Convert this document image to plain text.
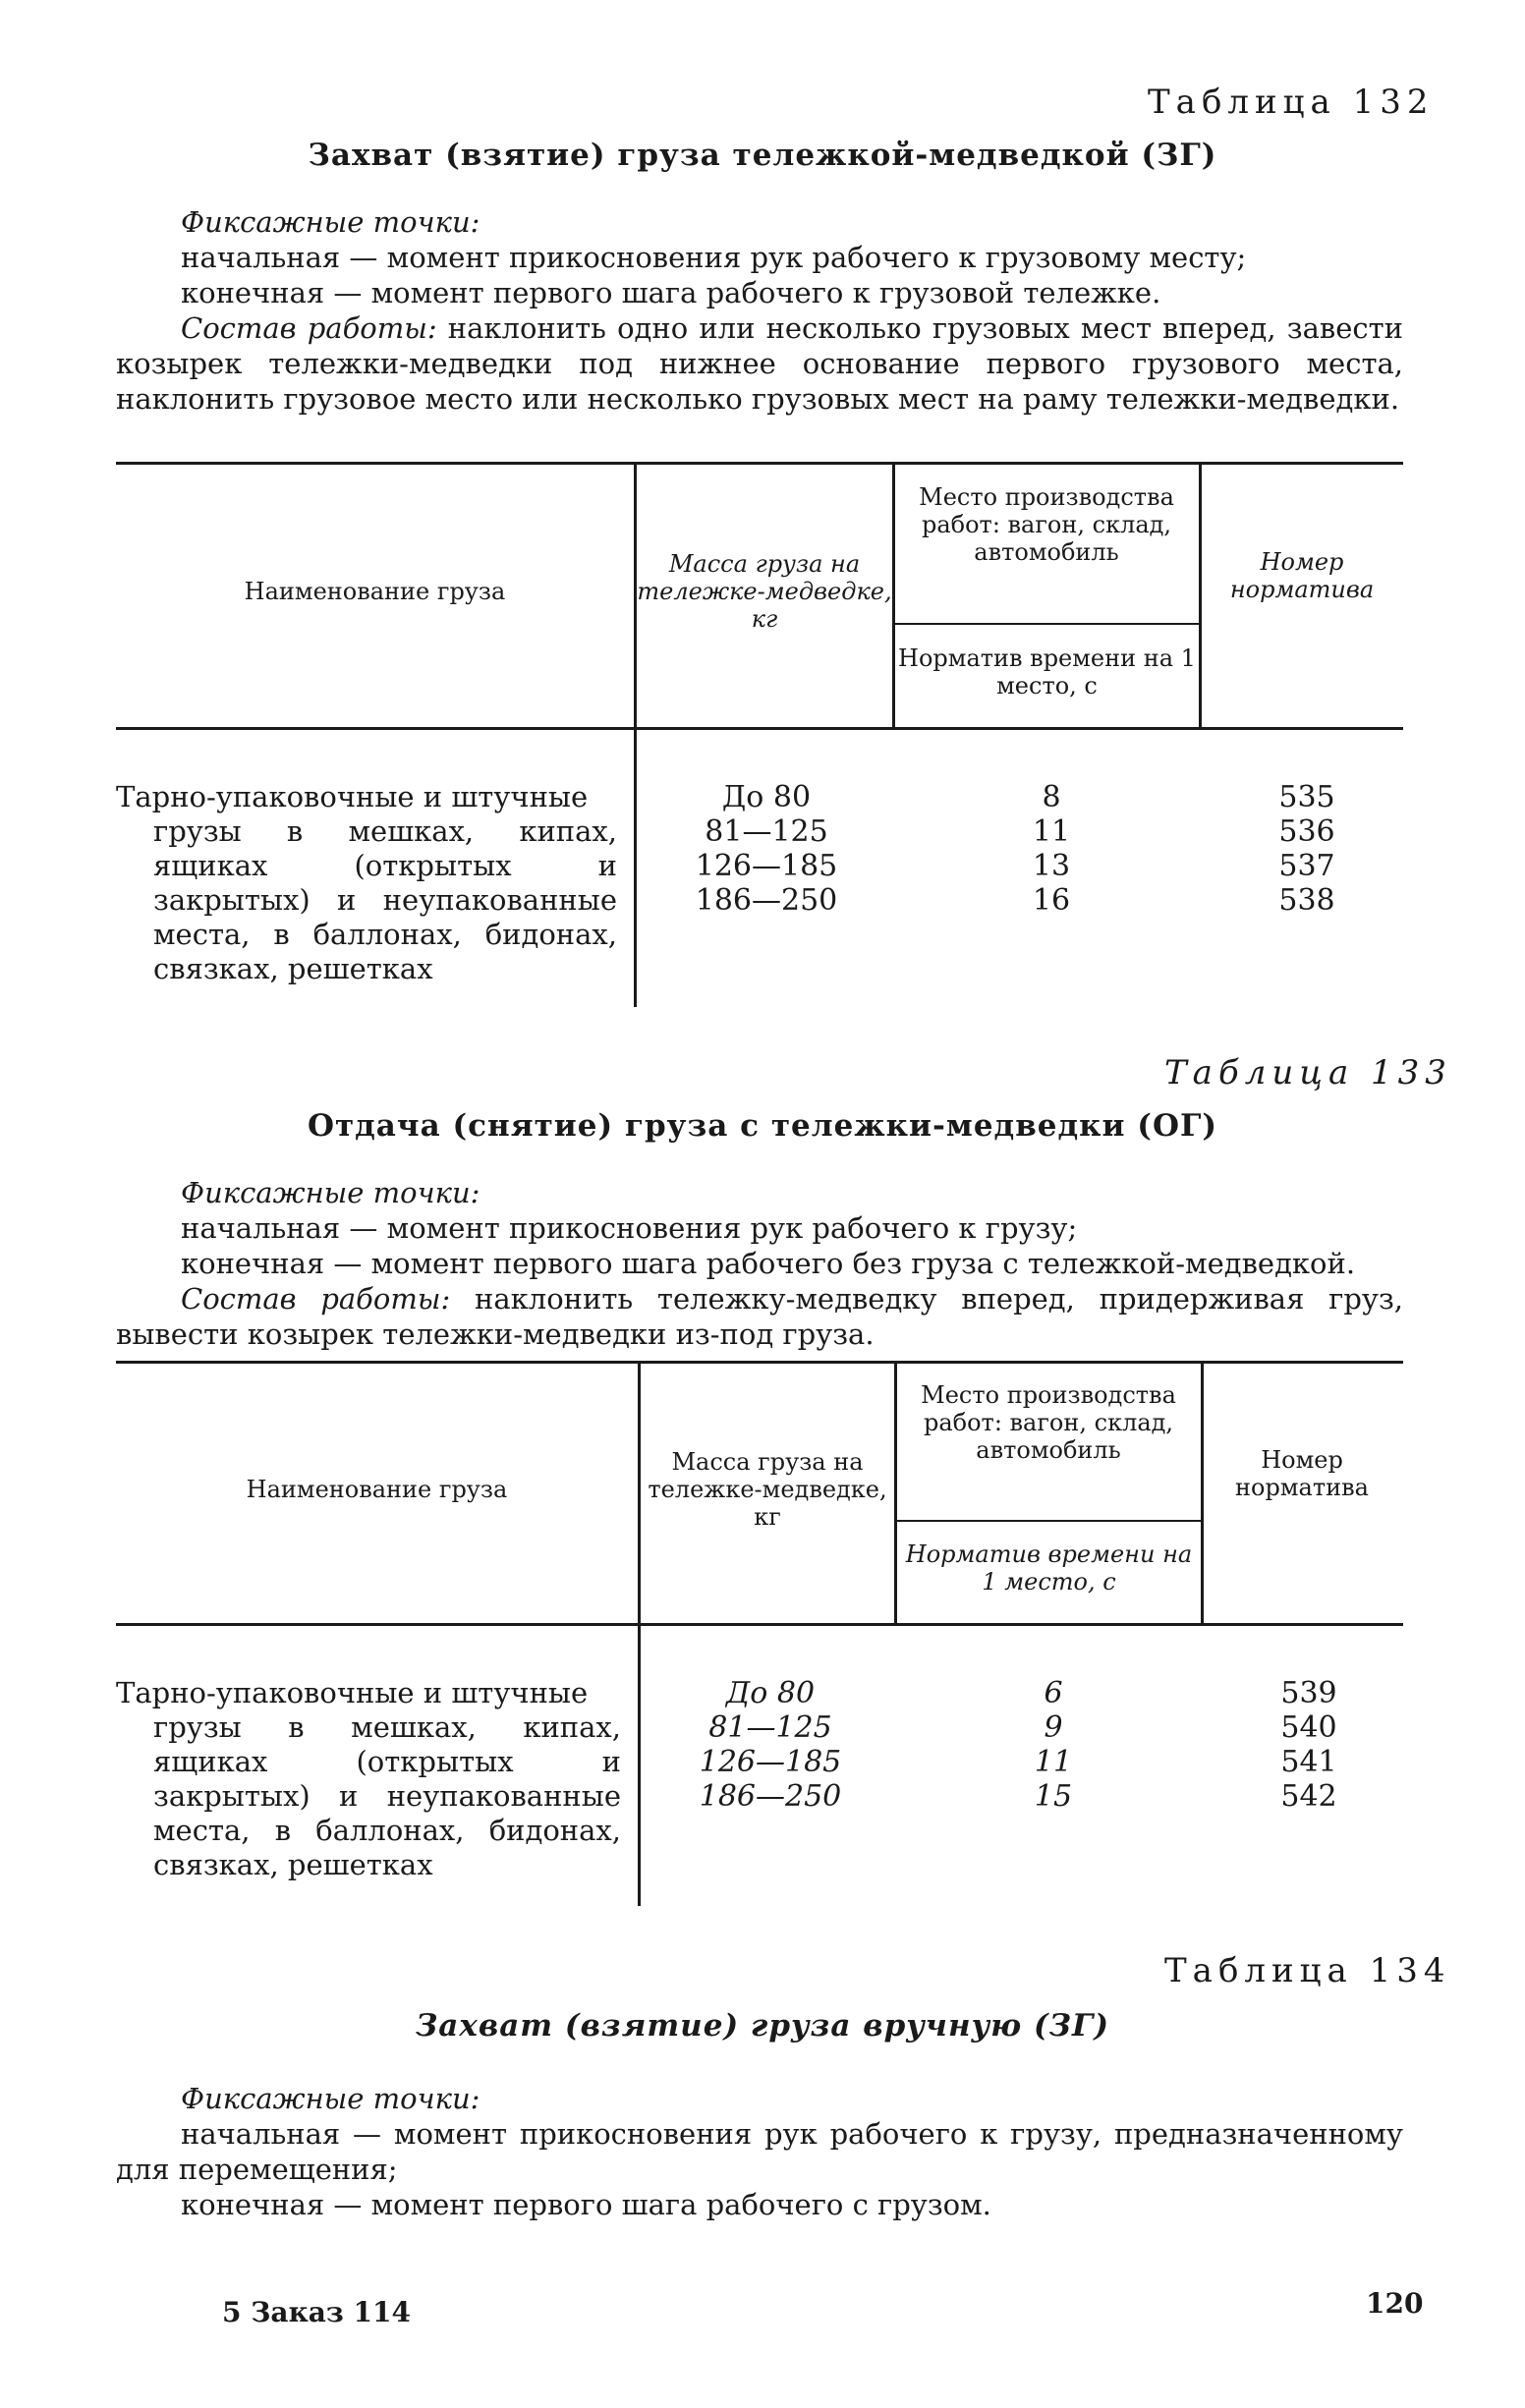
Таблица 132
Захват (взятие) груза тележкой-медведкой (ЗГ)
Фиксажные точки:
начальная — момент прикосновения рук рабочего к грузовому месту;
конечная — момент первого шага рабочего к грузовой тележке.
Состав работы: наклонить одно или несколько грузовых мест вперед, завести козырек тележки-медведки под нижнее основание первого грузового места, наклонить грузовое место или несколько грузовых мест на раму тележки-медведки.
Наименование груза
Масса груза на тележке-медведке, кг
Место производства работ: вагон, склад, автомобиль
Норматив времени на 1 место, с
Номер норматива
Тарно-упаковочные и штучные
грузы в мешках, кипах, ящиках (открытых и закрытых) и неупакованные места, в баллонах, бидонах, связках, решетках
До 80
81—125
126—185
186—250
8
11
13
16
535
536
537
538
Таблица 133
Отдача (снятие) груза с тележки-медведки (ОГ)
Фиксажные точки:
начальная — момент прикосновения рук рабочего к грузу;
конечная — момент первого шага рабочего без груза с тележкой-медведкой.
Состав работы: наклонить тележку-медведку вперед, придерживая груз, вывести козырек тележки-медведки из-под груза.
Наименование груза
Масса груза на тележке-медведке, кг
Место производства работ: вагон, склад, автомобиль
Норматив времени на 1 место, с
Номер норматива
Тарно-упаковочные и штучные
грузы в мешках, кипах, ящиках (открытых и закрытых) и неупакованные места, в баллонах, бидонах, связках, решетках
До 80
81—125
126—185
186—250
6
9
11
15
539
540
541
542
Таблица 134
Захват (взятие) груза вручную (ЗГ)
Фиксажные точки:
начальная — момент прикосновения рук рабочего к грузу, предназначенному для перемещения;
конечная — момент первого шага рабочего с грузом.
5 Заказ 114	120
